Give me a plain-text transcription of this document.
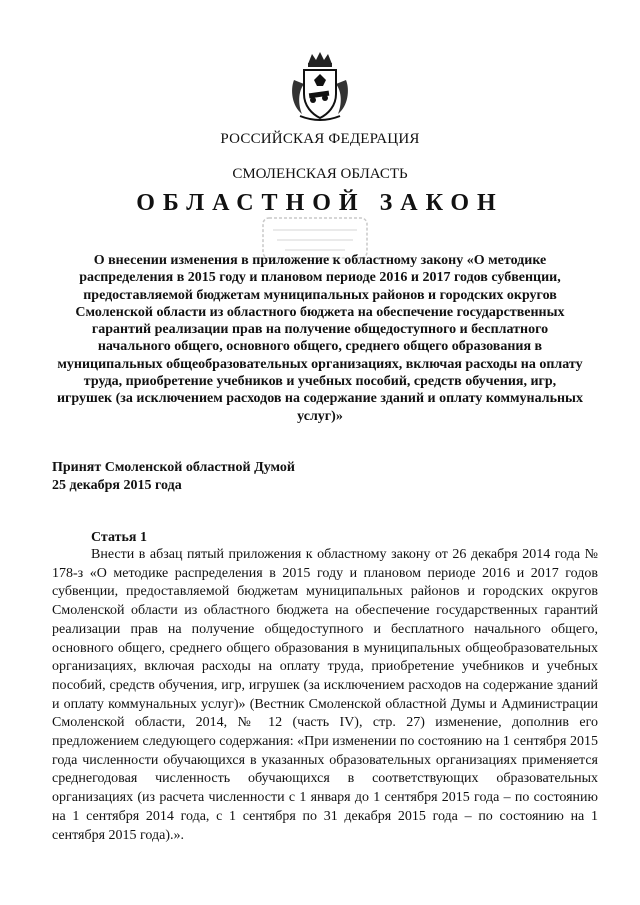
РОССИЙСКАЯ ФЕДЕРАЦИЯ
СМОЛЕНСКАЯ ОБЛАСТЬ
ОБЛАСТНОЙ ЗАКОН
О внесении изменения в приложение к областному закону «О методике распределения в 2015 году и плановом периоде 2016 и 2017 годов субвенции, предоставляемой бюджетам муниципальных районов и городских округов Смоленской области из областного бюджета на обеспечение государственных гарантий реализации прав на получение общедоступного и бесплатного начального общего, основного общего, среднего общего образования в муниципальных общеобразовательных организациях, включая расходы на оплату труда, приобретение учебников и учебных пособий, средств обучения, игр, игрушек (за исключением расходов на содержание зданий и оплату коммунальных услуг)»
Принят Смоленской областной Думой
25 декабря 2015 года
Статья 1
Внести в абзац пятый приложения к областному закону от 26 декабря 2014 года № 178-з «О методике распределения в 2015 году и плановом периоде 2016 и 2017 годов субвенции, предоставляемой бюджетам муниципальных районов и городских округов Смоленской области из областного бюджета на обеспечение государственных гарантий реализации прав на получение общедоступного и бесплатного начального общего, основного общего, среднего общего образования в муниципальных общеобразовательных организациях, включая расходы на оплату труда, приобретение учебников и учебных пособий, средств обучения, игр, игрушек (за исключением расходов на содержание зданий и оплату коммунальных услуг)» (Вестник Смоленской областной Думы и Администрации Смоленской области, 2014, № 12 (часть IV), стр. 27) изменение, дополнив его предложением следующего содержания: «При изменении по состоянию на 1 сентября 2015 года численности обучающихся в указанных образовательных организациях применяется среднегодовая численность обучающихся в соответствующих образовательных организациях (из расчета численности с 1 января до 1 сентября 2015 года – по состоянию на 1 сентября 2014 года, с 1 сентября по 31 декабря 2015 года – по состоянию на 1 сентября 2015 года).».
